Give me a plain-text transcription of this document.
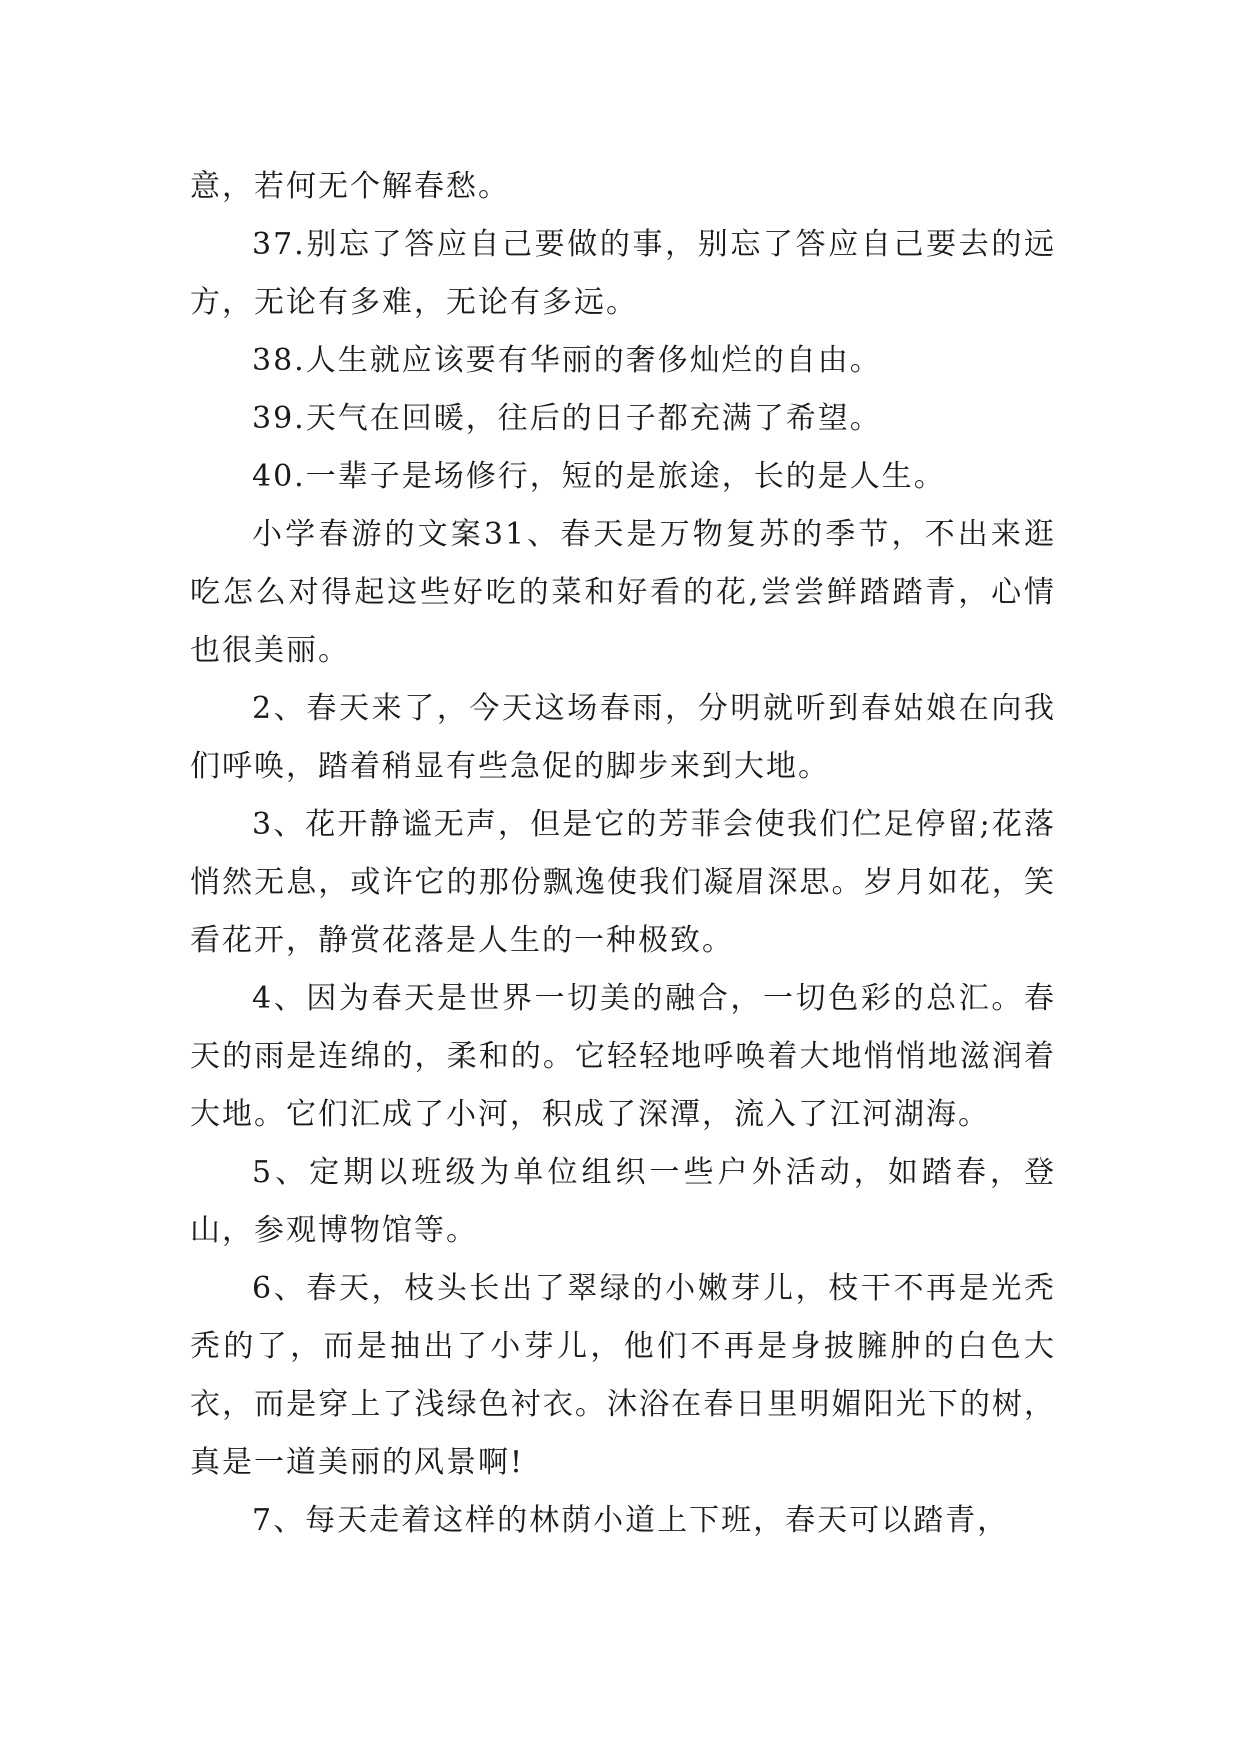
意，若何无个解春愁。

37.别忘了答应自己要做的事，别忘了答应自己要去的远方，无论有多难，无论有多远。

38.人生就应该要有华丽的奢侈灿烂的自由。

39.天气在回暖，往后的日子都充满了希望。

40.一辈子是场修行，短的是旅途，长的是人生。

小学春游的文案31、春天是万物复苏的季节，不出来逛吃怎么对得起这些好吃的菜和好看的花,尝尝鲜踏踏青，心情也很美丽。

2、春天来了，今天这场春雨，分明就听到春姑娘在向我们呼唤，踏着稍显有些急促的脚步来到大地。

3、花开静谧无声，但是它的芳菲会使我们伫足停留;花落悄然无息，或许它的那份飘逸使我们凝眉深思。岁月如花，笑看花开，静赏花落是人生的一种极致。

4、因为春天是世界一切美的融合，一切色彩的总汇。春天的雨是连绵的，柔和的。它轻轻地呼唤着大地悄悄地滋润着大地。它们汇成了小河，积成了深潭，流入了江河湖海。

5、定期以班级为单位组织一些户外活动，如踏春，登山，参观博物馆等。

6、春天，枝头长出了翠绿的小嫩芽儿，枝干不再是光秃秃的了，而是抽出了小芽儿，他们不再是身披臃肿的白色大衣，而是穿上了浅绿色衬衣。沐浴在春日里明媚阳光下的树，真是一道美丽的风景啊!

7、每天走着这样的林荫小道上下班，春天可以踏青，
